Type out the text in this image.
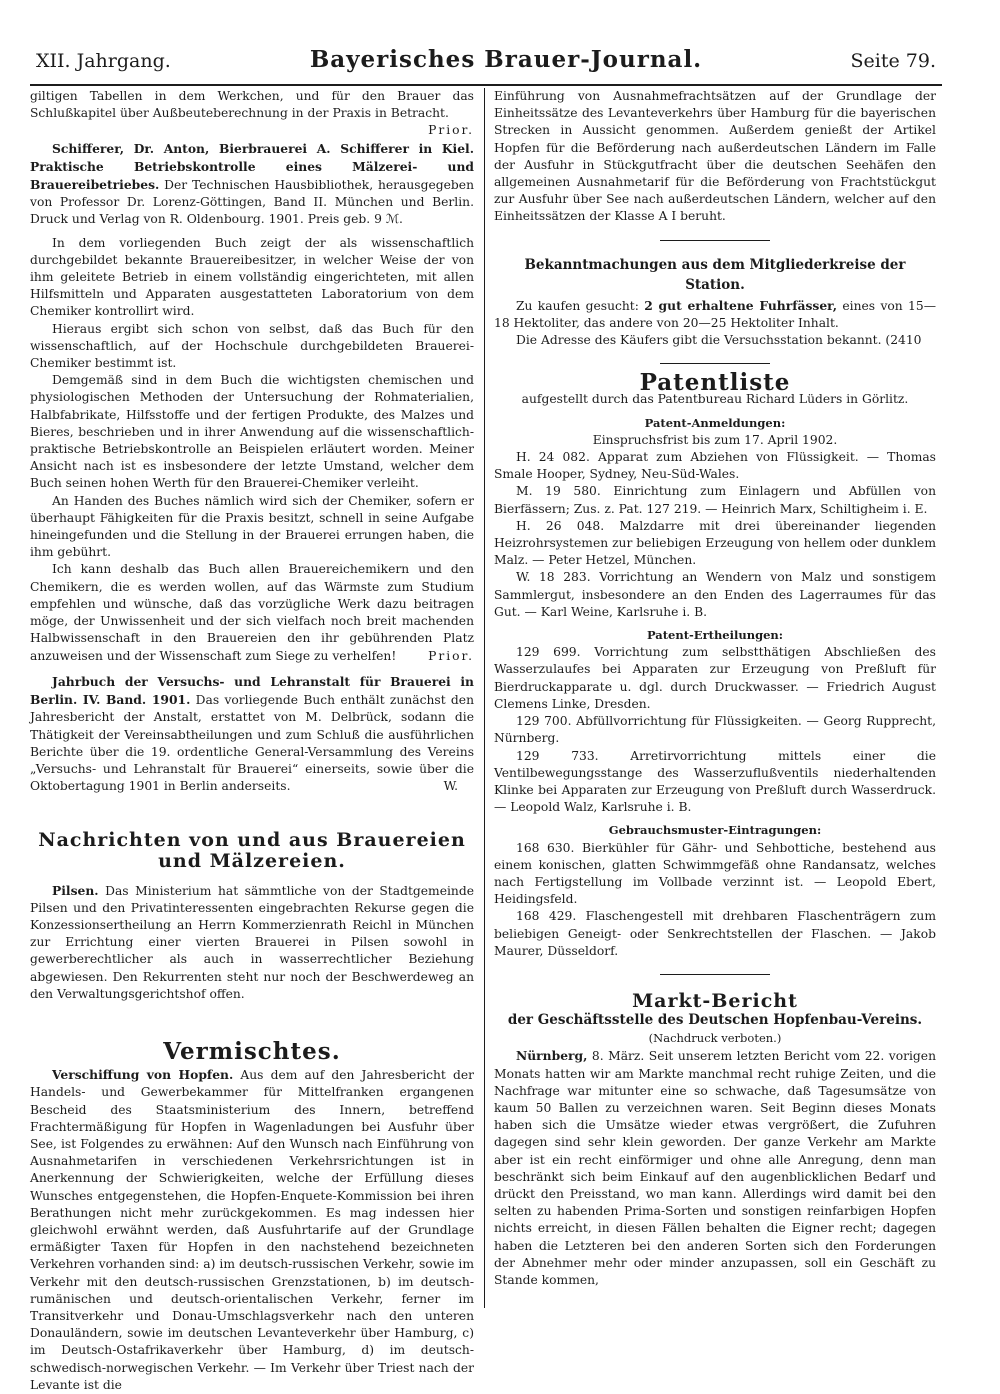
XII. Jahrgang.	Bayerisches Brauer-Journal.	Seite 79.

giltigen Tabellen in dem Werkchen, und für den Brauer das Schlußkapitel über Außbeuteberechnung in der Praxis in Betracht.

Prior.

Schifferer, Dr. Anton, Bierbrauerei A. Schifferer in Kiel. Praktische Betriebskontrolle eines Mälzerei- und Brauereibetriebes. Der Technischen Hausbibliothek, herausgegeben von Professor Dr. Lorenz-Göttingen, Band II. München und Berlin. Druck und Verlag von R. Oldenbourg. 1901. Preis geb. 9 ℳ.

In dem vorliegenden Buch zeigt der als wissenschaftlich durchgebildet bekannte Brauereibesitzer, in welcher Weise der von ihm geleitete Betrieb in einem vollständig eingerichteten, mit allen Hilfsmitteln und Apparaten ausgestatteten Laboratorium von dem Chemiker kontrollirt wird.

Hieraus ergibt sich schon von selbst, daß das Buch für den wissenschaftlich, auf der Hochschule durchgebildeten Brauerei-Chemiker bestimmt ist.

Demgemäß sind in dem Buch die wichtigsten chemischen und physiologischen Methoden der Untersuchung der Rohmaterialien, Halbfabrikate, Hilfsstoffe und der fertigen Produkte, des Malzes und Bieres, beschrieben und in ihrer Anwendung auf die wissenschaftlich-praktische Betriebskontrolle an Beispielen erläutert worden. Meiner Ansicht nach ist es insbesondere der letzte Umstand, welcher dem Buch seinen hohen Werth für den Brauerei-Chemiker verleiht.

An Handen des Buches nämlich wird sich der Chemiker, sofern er überhaupt Fähigkeiten für die Praxis besitzt, schnell in seine Aufgabe hineingefunden und die Stellung in der Brauerei errungen haben, die ihm gebührt.

Ich kann deshalb das Buch allen Brauereichemikern und den Chemikern, die es werden wollen, auf das Wärmste zum Studium empfehlen und wünsche, daß das vorzügliche Werk dazu beitragen möge, der Unwissenheit und der sich vielfach noch breit machenden Halbwissenschaft in den Brauereien den ihr gebührenden Platz anzuweisen und der Wissenschaft zum Siege zu verhelfen!	Prior.

Jahrbuch der Versuchs- und Lehranstalt für Brauerei in Berlin. IV. Band. 1901. Das vorliegende Buch enthält zunächst den Jahresbericht der Anstalt, erstattet von M. Delbrück, sodann die Thätigkeit der Vereinsabtheilungen und zum Schluß die ausführlichen Berichte über die 19. ordentliche General-Versammlung des Vereins „Versuchs- und Lehranstalt für Brauerei“ einerseits, sowie über die Oktobertagung 1901 in Berlin anderseits.	W.

Nachrichten von und aus Brauereien und Mälzereien.

Pilsen. Das Ministerium hat sämmtliche von der Stadtgemeinde Pilsen und den Privatinteressenten eingebrachten Rekurse gegen die Konzessionsertheilung an Herrn Kommerzienrath Reichl in München zur Errichtung einer vierten Brauerei in Pilsen sowohl in gewerberechtlicher als auch in wasserrechtlicher Beziehung abgewiesen. Den Rekurrenten steht nur noch der Beschwerdeweg an den Verwaltungsgerichtshof offen.

Vermischtes.

Verschiffung von Hopfen. Aus dem auf den Jahresbericht der Handels- und Gewerbekammer für Mittelfranken ergangenen Bescheid des Staatsministerium des Innern, betreffend Frachtermäßigung für Hopfen in Wagenladungen bei Ausfuhr über See, ist Folgendes zu erwähnen: Auf den Wunsch nach Einführung von Ausnahmetarifen in verschiedenen Verkehrsrichtungen ist in Anerkennung der Schwierigkeiten, welche der Erfüllung dieses Wunsches entgegenstehen, die Hopfen-Enquete-Kommission bei ihren Berathungen nicht mehr zurückgekommen. Es mag indessen hier gleichwohl erwähnt werden, daß Ausfuhrtarife auf der Grundlage ermäßigter Taxen für Hopfen in den nachstehend bezeichneten Verkehren vorhanden sind: a) im deutsch-russischen Verkehr, sowie im Verkehr mit den deutsch-russischen Grenzstationen, b) im deutsch-rumänischen und deutsch-orientalischen Verkehr, ferner im Transitverkehr und Donau-Umschlagsverkehr nach den unteren Donauländern, sowie im deutschen Levanteverkehr über Hamburg, c) im Deutsch-Ostafrikaverkehr über Hamburg, d) im deutsch-schwedisch-norwegischen Verkehr. — Im Verkehr über Triest nach der Levante ist die

Einführung von Ausnahmefrachtsätzen auf der Grundlage der Einheitssätze des Levanteverkehrs über Hamburg für die bayerischen Strecken in Aussicht genommen. Außerdem genießt der Artikel Hopfen für die Beförderung nach außerdeutschen Ländern im Falle der Ausfuhr in Stückgutfracht über die deutschen Seehäfen den allgemeinen Ausnahmetarif für die Beförderung von Frachtstückgut zur Ausfuhr über See nach außerdeutschen Ländern, welcher auf den Einheitssätzen der Klasse A I beruht.

Bekanntmachungen aus dem Mitgliederkreise der Station.

Zu kaufen gesucht: 2 gut erhaltene Fuhrfässer, eines von 15—18 Hektoliter, das andere von 20—25 Hektoliter Inhalt.

Die Adresse des Käufers gibt die Versuchsstation bekannt. (2410

Patentliste

aufgestellt durch das Patentbureau Richard Lüders in Görlitz.

Patent-Anmeldungen:

Einspruchsfrist bis zum 17. April 1902.

H. 24 082. Apparat zum Abziehen von Flüssigkeit. — Thomas Smale Hooper, Sydney, Neu-Süd-Wales.

M. 19 580. Einrichtung zum Einlagern und Abfüllen von Bierfässern; Zus. z. Pat. 127 219. — Heinrich Marx, Schiltigheim i. E.

H. 26 048. Malzdarre mit drei übereinander liegenden Heizrohrsystemen zur beliebigen Erzeugung von hellem oder dunklem Malz. — Peter Hetzel, München.

W. 18 283. Vorrichtung an Wendern von Malz und sonstigem Sammlergut, insbesondere an den Enden des Lagerraumes für das Gut. — Karl Weine, Karlsruhe i. B.

Patent-Ertheilungen:

129 699. Vorrichtung zum selbstthätigen Abschließen des Wasserzulaufes bei Apparaten zur Erzeugung von Preßluft für Bierdruckapparate u. dgl. durch Druckwasser. — Friedrich August Clemens Linke, Dresden.

129 700. Abfüllvorrichtung für Flüssigkeiten. — Georg Rupprecht, Nürnberg.

129 733. Arretirvorrichtung mittels einer die Ventilbewegungsstange des Wasserzuflußventils niederhaltenden Klinke bei Apparaten zur Erzeugung von Preßluft durch Wasserdruck. — Leopold Walz, Karlsruhe i. B.

Gebrauchsmuster-Eintragungen:

168 630. Bierkühler für Gähr- und Sehbottiche, bestehend aus einem konischen, glatten Schwimmgefäß ohne Randansatz, welches nach Fertigstellung im Vollbade verzinnt ist. — Leopold Ebert, Heidingsfeld.

168 429. Flaschengestell mit drehbaren Flaschenträgern zum beliebigen Geneigt- oder Senkrechtstellen der Flaschen. — Jakob Maurer, Düsseldorf.

Markt-Bericht

der Geschäftsstelle des Deutschen Hopfenbau-Vereins.

(Nachdruck verboten.)

Nürnberg, 8. März. Seit unserem letzten Bericht vom 22. vorigen Monats hatten wir am Markte manchmal recht ruhige Zeiten, und die Nachfrage war mitunter eine so schwache, daß Tagesumsätze von kaum 50 Ballen zu verzeichnen waren. Seit Beginn dieses Monats haben sich die Umsätze wieder etwas vergrößert, die Zufuhren dagegen sind sehr klein geworden. Der ganze Verkehr am Markte aber ist ein recht einförmiger und ohne alle Anregung, denn man beschränkt sich beim Einkauf auf den augenblicklichen Bedarf und drückt den Preisstand, wo man kann. Allerdings wird damit bei den selten zu habenden Prima-Sorten und sonstigen reinfarbigen Hopfen nichts erreicht, in diesen Fällen behalten die Eigner recht; dagegen haben die Letzteren bei den anderen Sorten sich den Forderungen der Abnehmer mehr oder minder anzupassen, soll ein Geschäft zu Stande kommen,
